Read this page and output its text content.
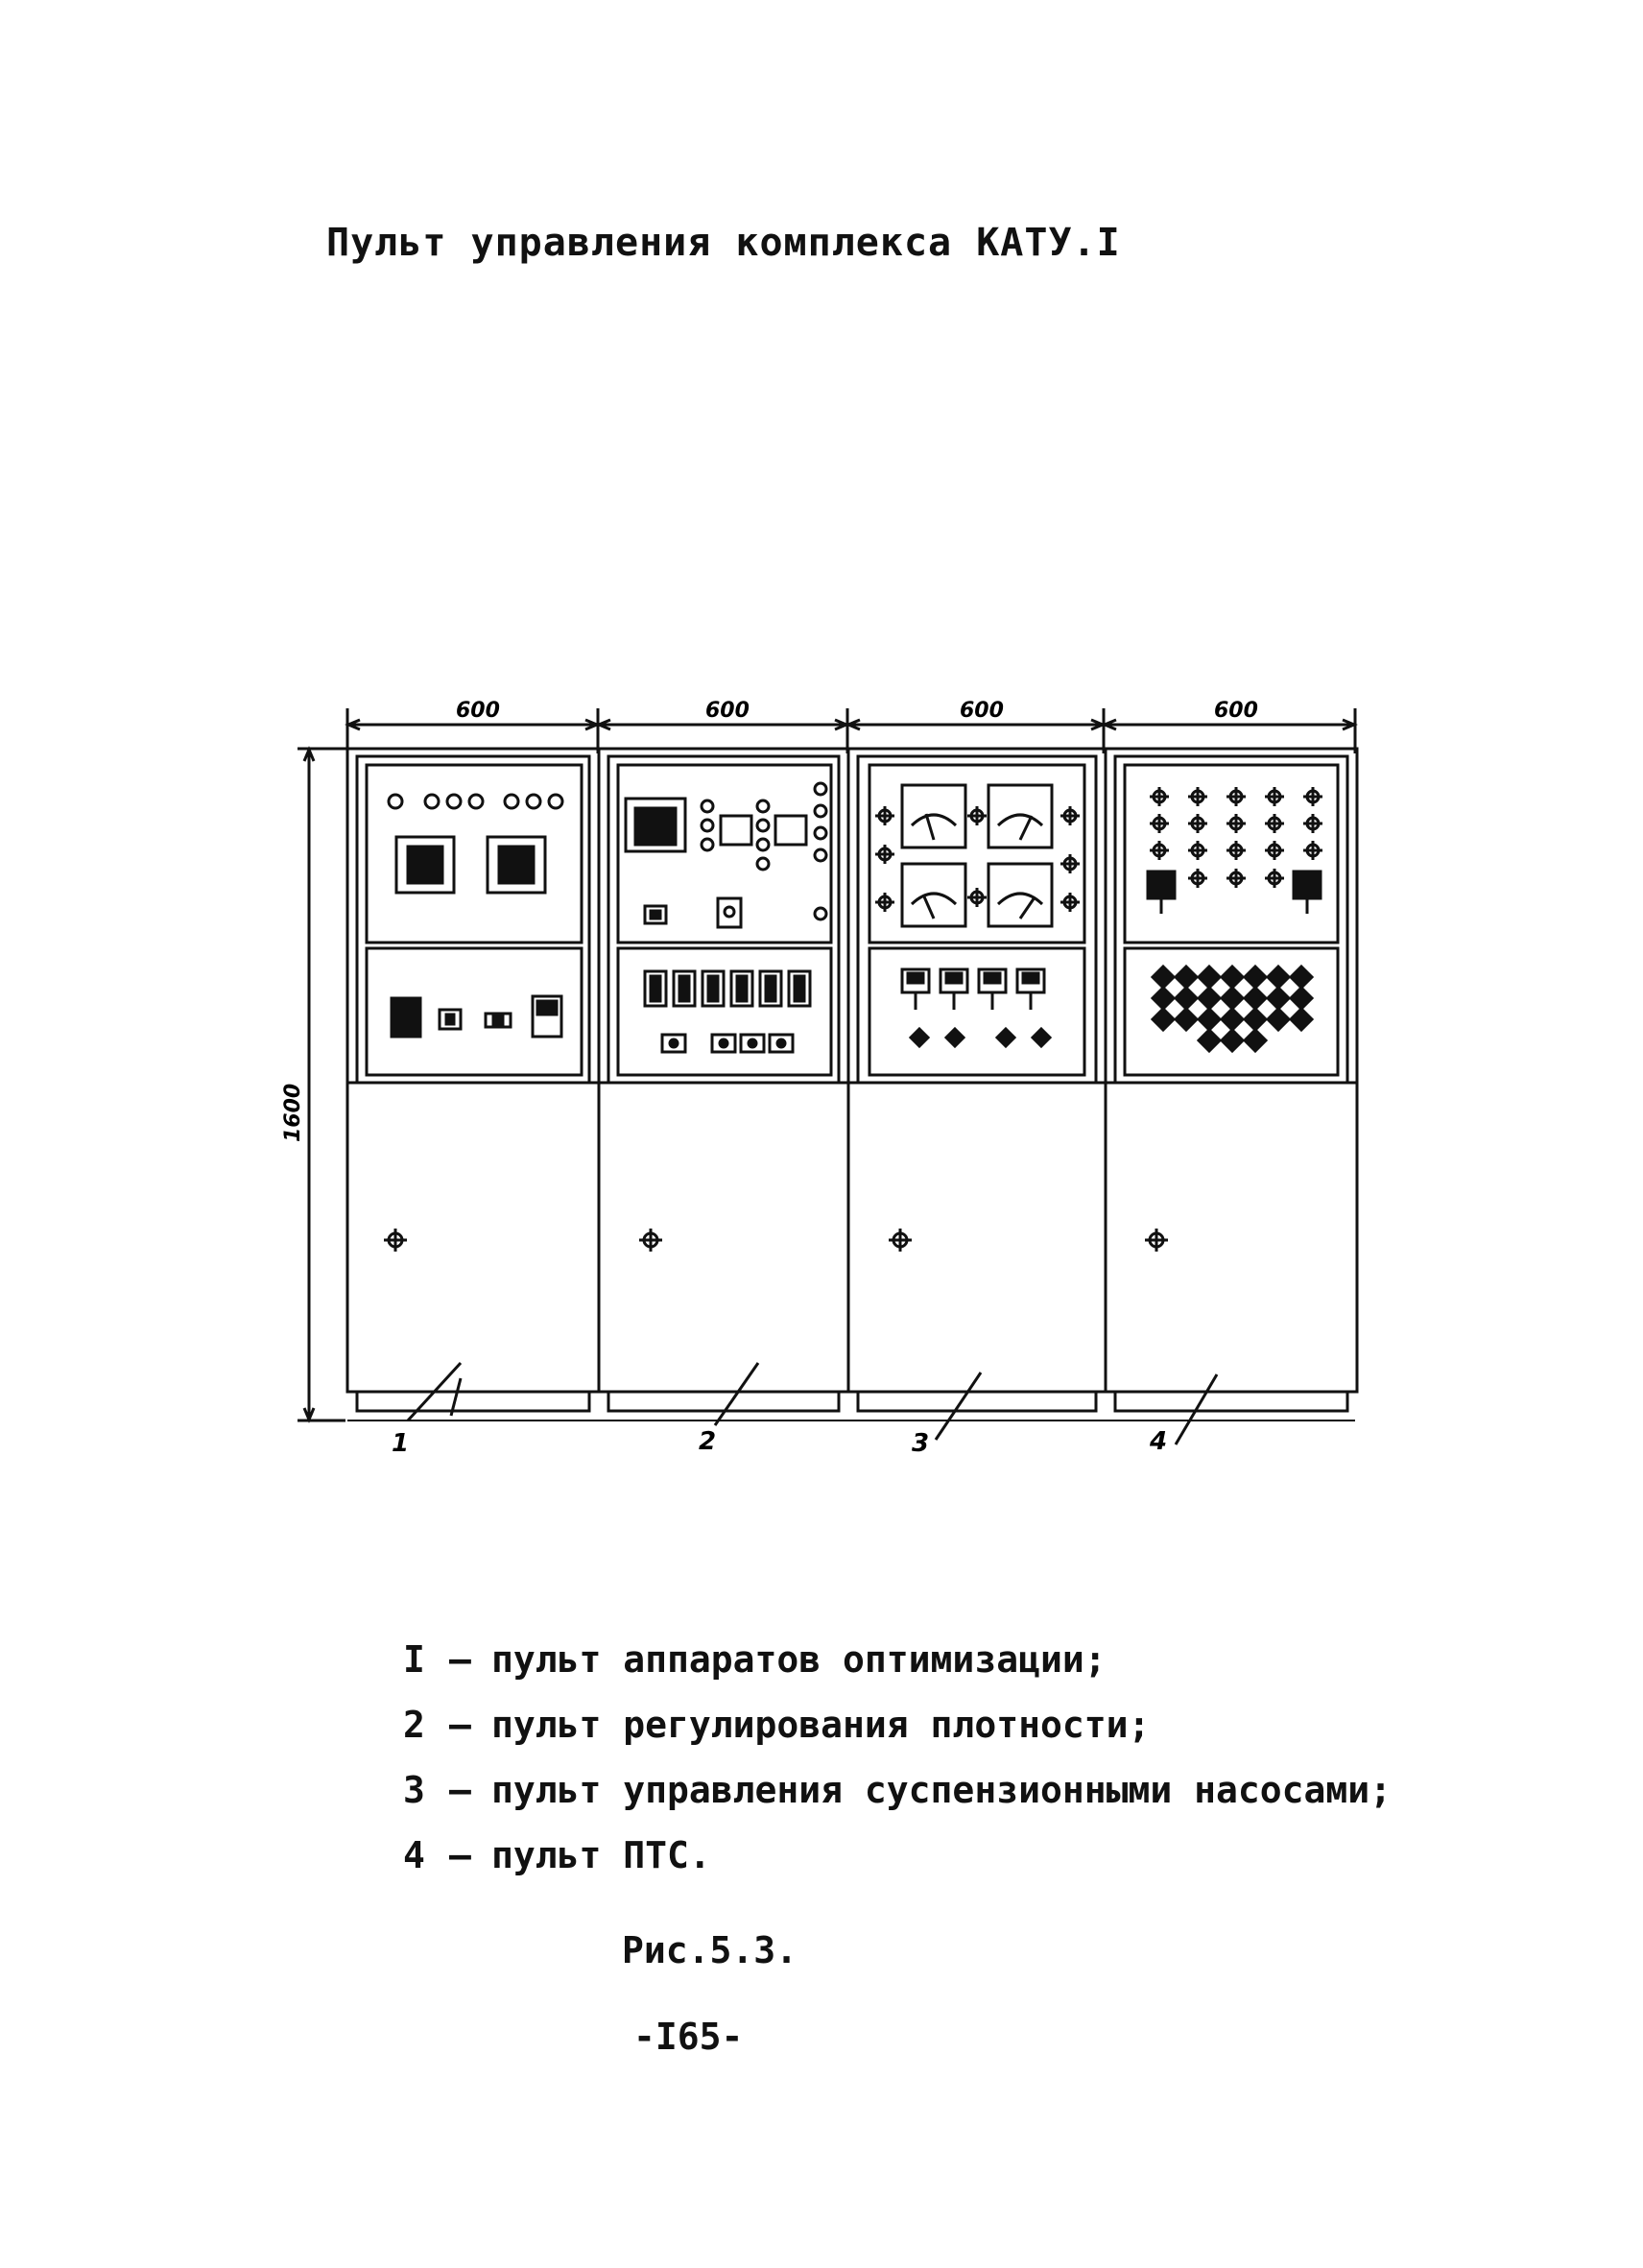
Пульт управления комплекса КАТУ.I
600	600	600	600
1600
1	2	3	4
I – пульт аппаратов оптимизации;
2 – пульт регулирования плотности;
3 – пульт управления суспензионными насосами;
4 – пульт ПТС.
Рис.5.3.
-I65-
